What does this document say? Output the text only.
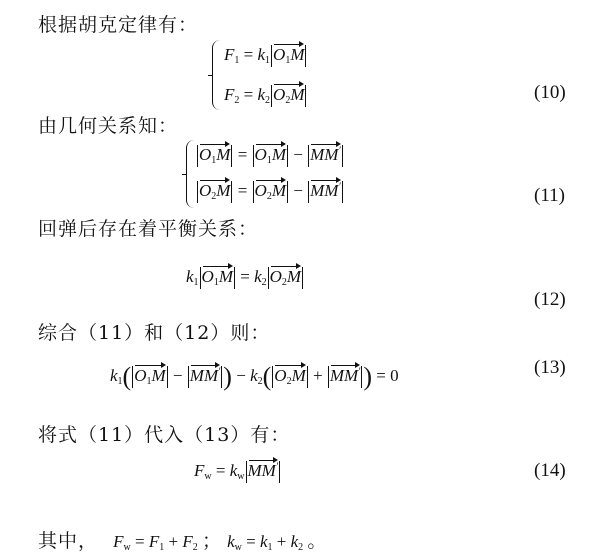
根据胡克定律有：
由几何关系知：
回弹后存在着平衡关系：
综合（11）和（12）则：
将式（11）代入（13）有：
$F_1 = k_1$ $O_1M$
$F_2 = k_2$ $O_2M$	(10)
$O_1M = O_1M - MM'$
$O_2M = O_2M - MM'$	(11)
$k_1$ $O_1M = k_2$ $O_2M$
(12)
$k_1$( $O_1M - MM'$ ) − $k_2$( $O_2M + MM'$ ) = 0	(13)
$F_w = k_w$ MM′	(14)
其中， $F_w = F_1 + F_2$ ； $k_w = k_1 + k_2$ 。
